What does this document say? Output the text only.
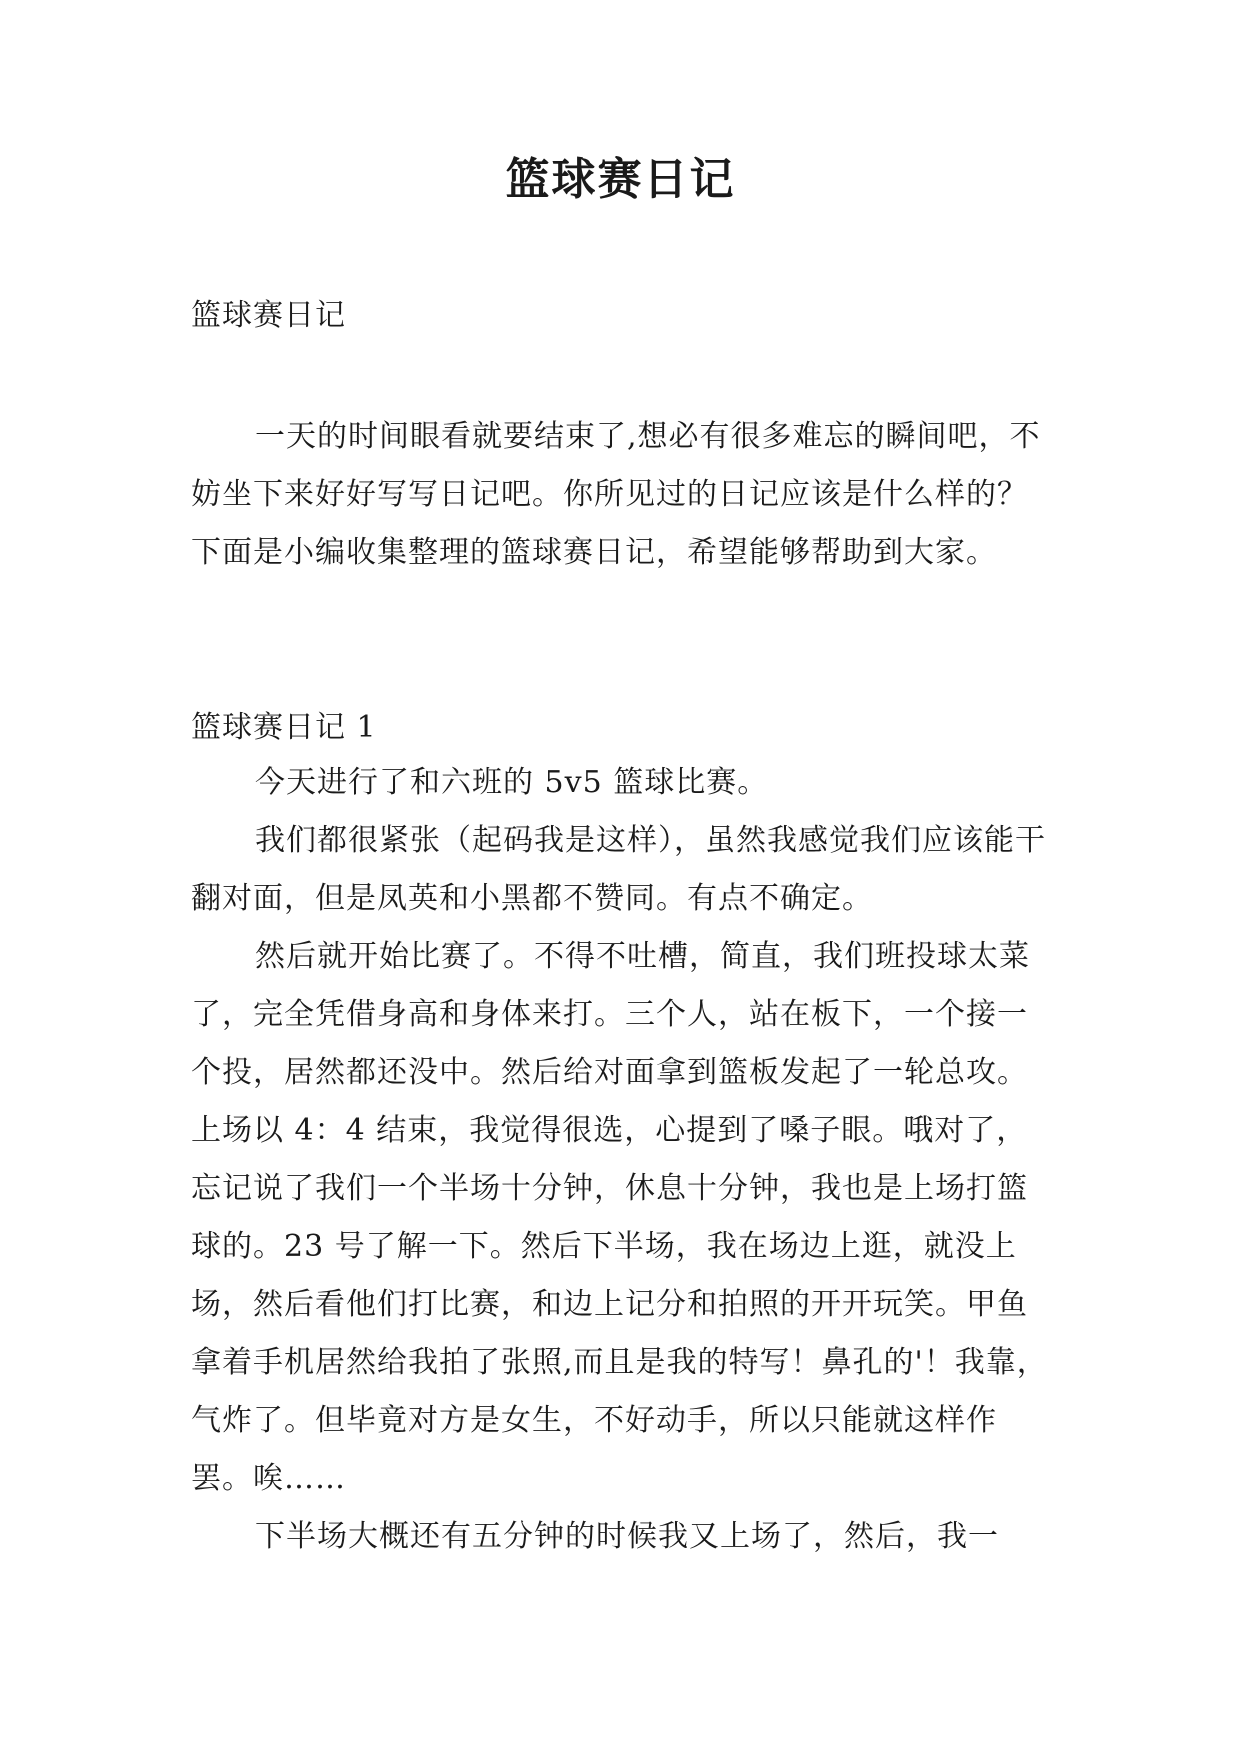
篮球赛日记
篮球赛日记
一天的时间眼看就要结束了,想必有很多难忘的瞬间吧，不妨坐下来好好写写日记吧。你所见过的日记应该是什么样的？下面是小编收集整理的篮球赛日记，希望能够帮助到大家。
篮球赛日记 1

今天进行了和六班的 5v5 篮球比赛。

我们都很紧张（起码我是这样），虽然我感觉我们应该能干翻对面，但是凤英和小黑都不赞同。有点不确定。

然后就开始比赛了。不得不吐槽，简直，我们班投球太菜了，完全凭借身高和身体来打。三个人，站在板下，一个接一个投，居然都还没中。然后给对面拿到篮板发起了一轮总攻。上场以 4：4 结束，我觉得很选，心提到了嗓子眼。哦对了，忘记说了我们一个半场十分钟，休息十分钟，我也是上场打篮球的。23 号了解一下。然后下半场，我在场边上逛，就没上场，然后看他们打比赛，和边上记分和拍照的开开玩笑。甲鱼拿着手机居然给我拍了张照,而且是我的特写！鼻孔的'！我靠，气炸了。但毕竟对方是女生，不好动手，所以只能就这样作罢。唉……

下半场大概还有五分钟的时候我又上场了，然后，我一
